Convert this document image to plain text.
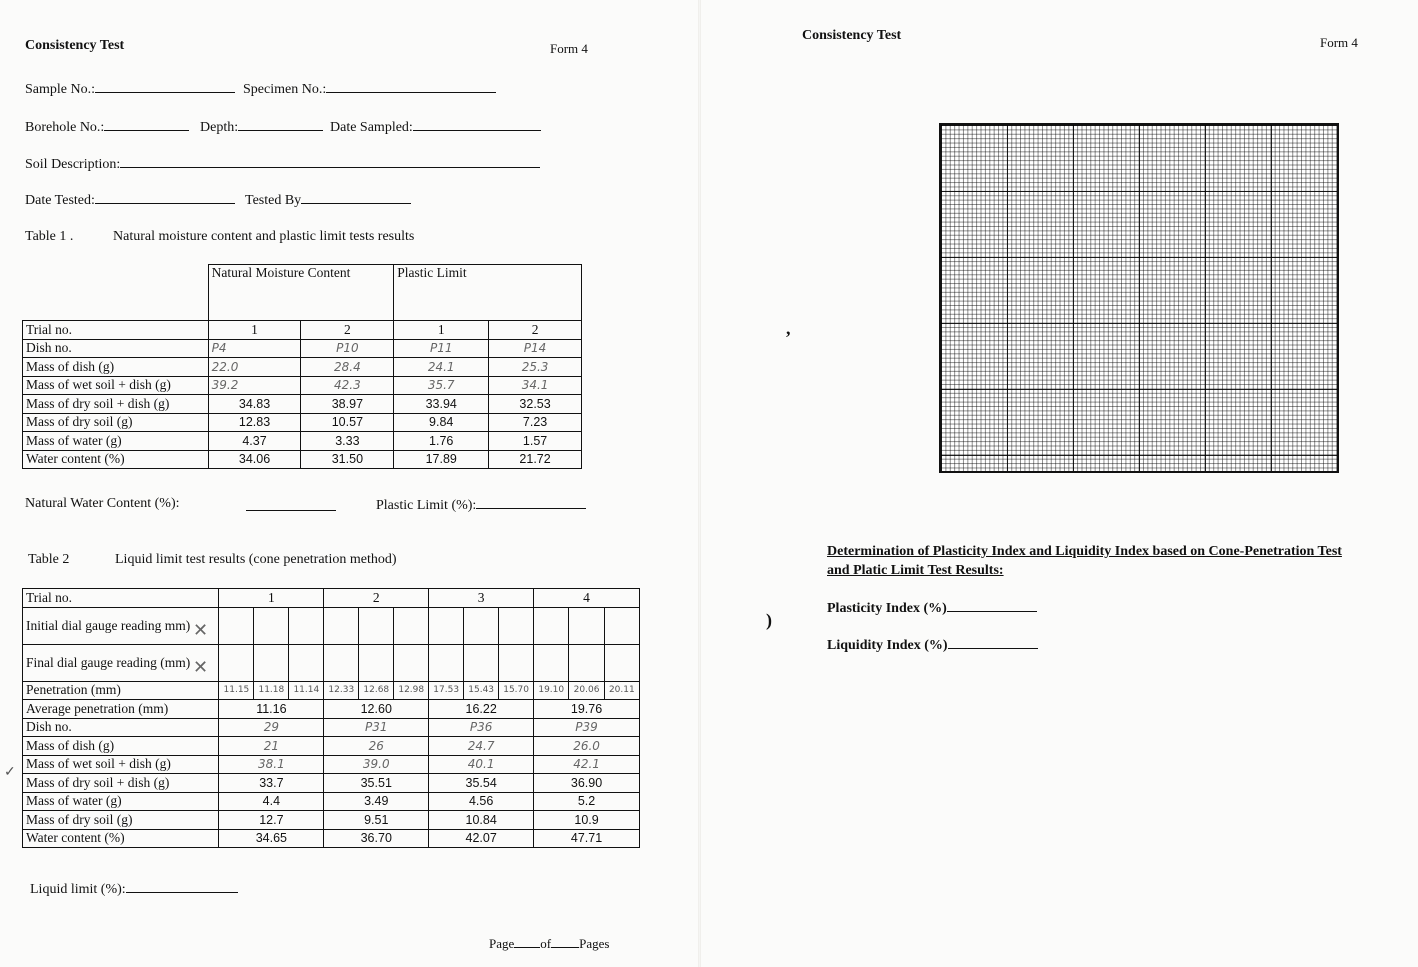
Consistency Test	Form 4
Sample No.:	Specimen No.:
Borehole No.:	Depth:	Date Sampled:
Soil Description:
Date Tested:	Tested By
Table 1 .	Natural moisture content and plastic limit tests results
	Natural Moisture Content		Plastic Limit	
Trial no.	1	2	1	2
Dish no.	P4	P10	P11	P14
Mass of dish (g)	22.0	28.4	24.1	25.3
Mass of wet soil + dish (g)	39.2	42.3	35.7	34.1
Mass of dry soil + dish (g)	34.83	38.97	33.94	32.53
Mass of dry soil (g)	12.83	10.57	9.84	7.23
Mass of water (g)	4.37	3.33	1.76	1.57
Water content (%)	34.06	31.50	17.89	21.72
Natural Water Content (%):	Plastic Limit (%):
Table 2	Liquid limit test results (cone penetration method)
Trial no.	1	2	3	4
Initial dial gauge reading mm)	

Final dial gauge reading (mm)	

Penetration (mm)	11.15 11.18 11.14	12.33 12.68 12.98	17.53 15.43 15.70	19.10 20.06 20.11

Average penetration (mm)	11.16	12.60	16.22	19.76
Dish no.	29	P31	P36	P39
Mass of dish (g)	21	26	24.7	26.0
Mass of wet soil + dish (g)	38.1	39.0	40.1	42.1
Mass of dry soil + dish (g)	33.7	35.51	35.54	36.90
Mass of water (g)	4.4	3.49	4.56	5.2
Mass of dry soil (g)	12.7	9.51	10.84	10.9
Water content (%)	34.65	36.70	42.07	47.71
✕
✕
✓
Liquid limit (%):
Page of Pages
Consistency Test	Form 4
,
)
Determination of Plasticity Index and Liquidity Index based on Cone-Penetration Test
and Platic Limit Test Results:
Plasticity Index (%)
Liquidity Index (%)
